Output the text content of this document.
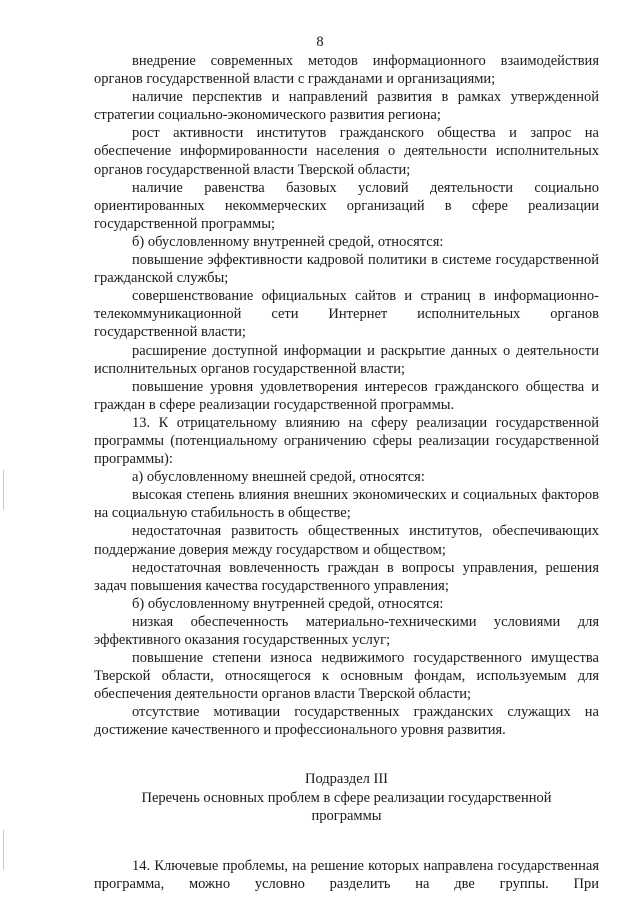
8

внедрение современных методов информационного взаимодействия органов государственной власти с гражданами и организациями;

наличие перспектив и направлений развития в рамках утвержденной стратегии социально-экономического развития региона;

рост активности институтов гражданского общества и запрос на обеспечение информированности населения о деятельности исполнительных органов государственной власти Тверской области;

наличие равенства базовых условий деятельности социально ориентированных некоммерческих организаций в сфере реализации государственной программы;

б) обусловленному внутренней средой, относятся:

повышение эффективности кадровой политики в системе государственной гражданской службы;

совершенствование официальных сайтов и страниц в информационно-телекоммуникационной сети Интернет исполнительных органов государственной власти;

расширение доступной информации и раскрытие данных о деятельности исполнительных органов государственной власти;

повышение уровня удовлетворения интересов гражданского общества и граждан в сфере реализации государственной программы.

13. К отрицательному влиянию на сферу реализации государственной программы (потенциальному ограничению сферы реализации государственной программы):

а) обусловленному внешней средой, относятся:

высокая степень влияния внешних экономических и социальных факторов на социальную стабильность в обществе;

недостаточная развитость общественных институтов, обеспечивающих поддержание доверия между государством и обществом;

недостаточная вовлеченность граждан в вопросы управления, решения задач повышения качества государственного управления;

б) обусловленному внутренней средой, относятся:

низкая обеспеченность материально-техническими условиями для эффективного оказания государственных услуг;

повышение степени износа недвижимого государственного имущества Тверской области, относящегося к основным фондам, используемым для обеспечения деятельности органов власти Тверской области;

отсутствие мотивации государственных гражданских служащих на достижение качественного и профессионального уровня развития.

Подраздел III

Перечень основных проблем в сфере реализации государственной программы

14. Ключевые проблемы, на решение которых направлена государственная программа, можно условно разделить на две группы. При
